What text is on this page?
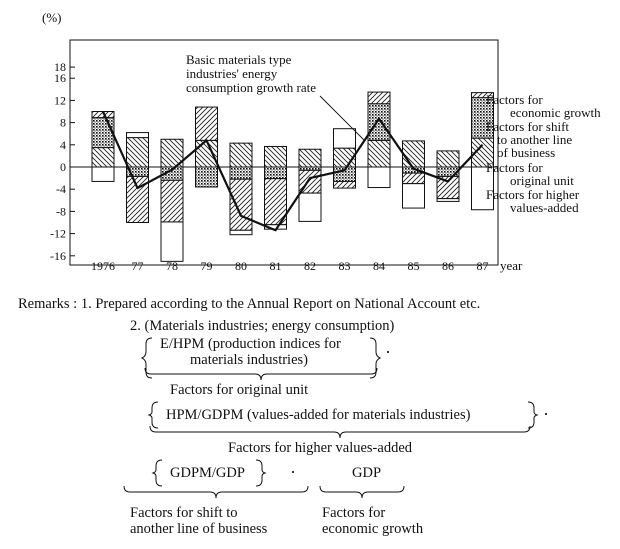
(%)
18
16
12
8
4
0
-4
-8
-12
-16
1976 77 78 79 80 81 82 83 84 85 86 87 year
Basic materials type industries' energy consumption growth rate
Factors for economic growth
Factors for shift to another line of business
Factors for original unit
Factors for higher values-added
Remarks : 1. Prepared according to the Annual Report on National Account etc.
2. (Materials industries; energy consumption)
E/HPM (production indices for
materials industries)	·
Factors for original unit
HPM/GDPM (values-added for materials industries)	·
Factors for higher values-added
GDPM/GDP	·	GDP
Factors for shift to
another line of business
Factors for
economic growth
